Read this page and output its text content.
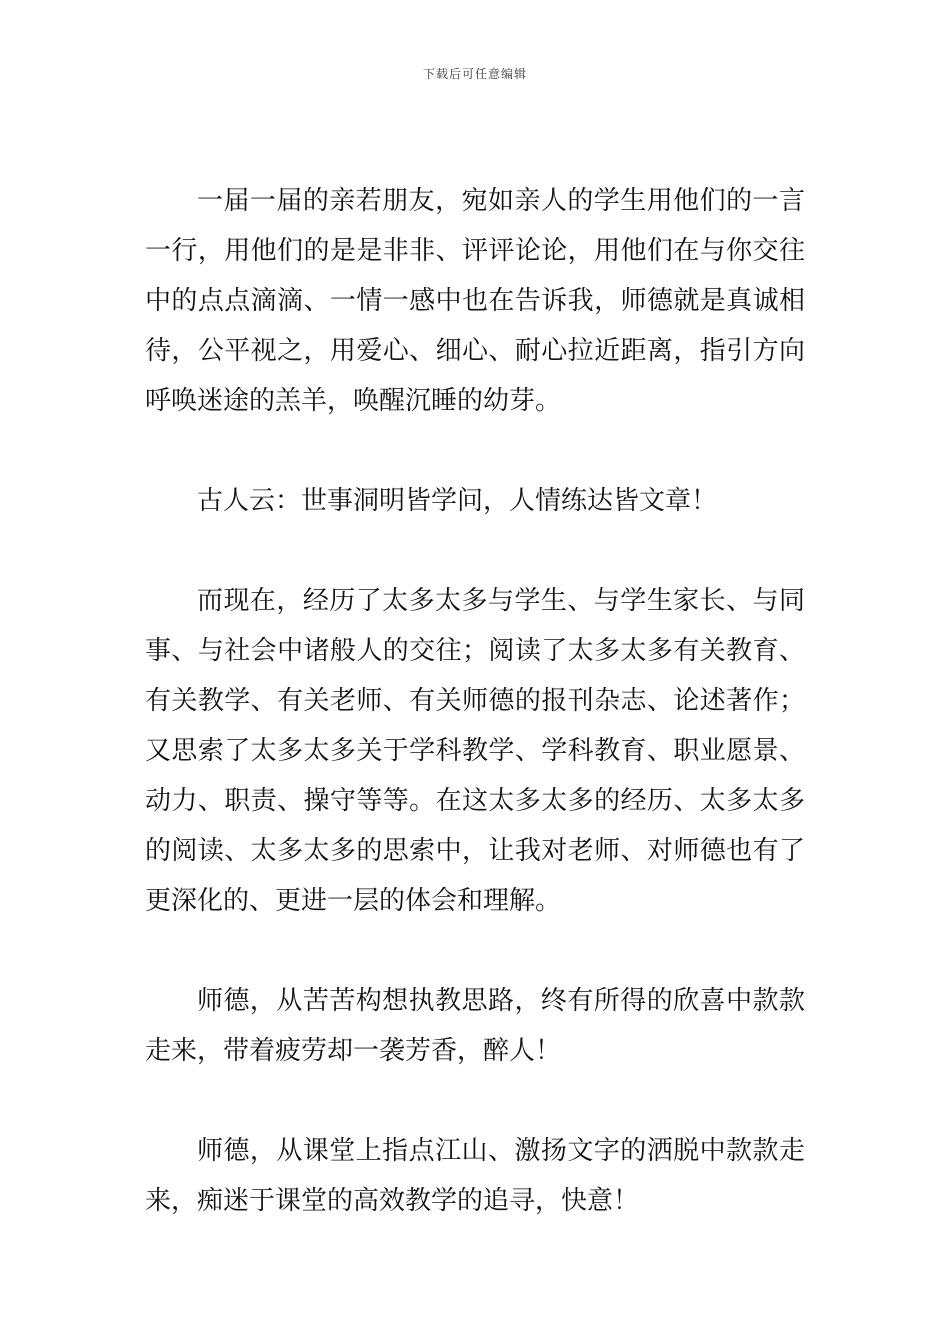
下载后可任意编辑

一届一届的亲若朋友，宛如亲人的学生用他们的一言一行，用他们的是是非非、评评论论，用他们在与你交往中的点点滴滴、一情一感中也在告诉我，师德就是真诚相待，公平视之，用爱心、细心、耐心拉近距离，指引方向呼唤迷途的羔羊，唤醒沉睡的幼芽。

古人云：世事洞明皆学问，人情练达皆文章！

而现在，经历了太多太多与学生、与学生家长、与同事、与社会中诸般人的交往；阅读了太多太多有关教育、有关教学、有关老师、有关师德的报刊杂志、论述著作；又思索了太多太多关于学科教学、学科教育、职业愿景、动力、职责、操守等等。在这太多太多的经历、太多太多的阅读、太多太多的思索中，让我对老师、对师德也有了更深化的、更进一层的体会和理解。

师德，从苦苦构想执教思路，终有所得的欣喜中款款走来，带着疲劳却一袭芳香，醉人！

师德，从课堂上指点江山、激扬文字的洒脱中款款走来，痴迷于课堂的高效教学的追寻，快意！
